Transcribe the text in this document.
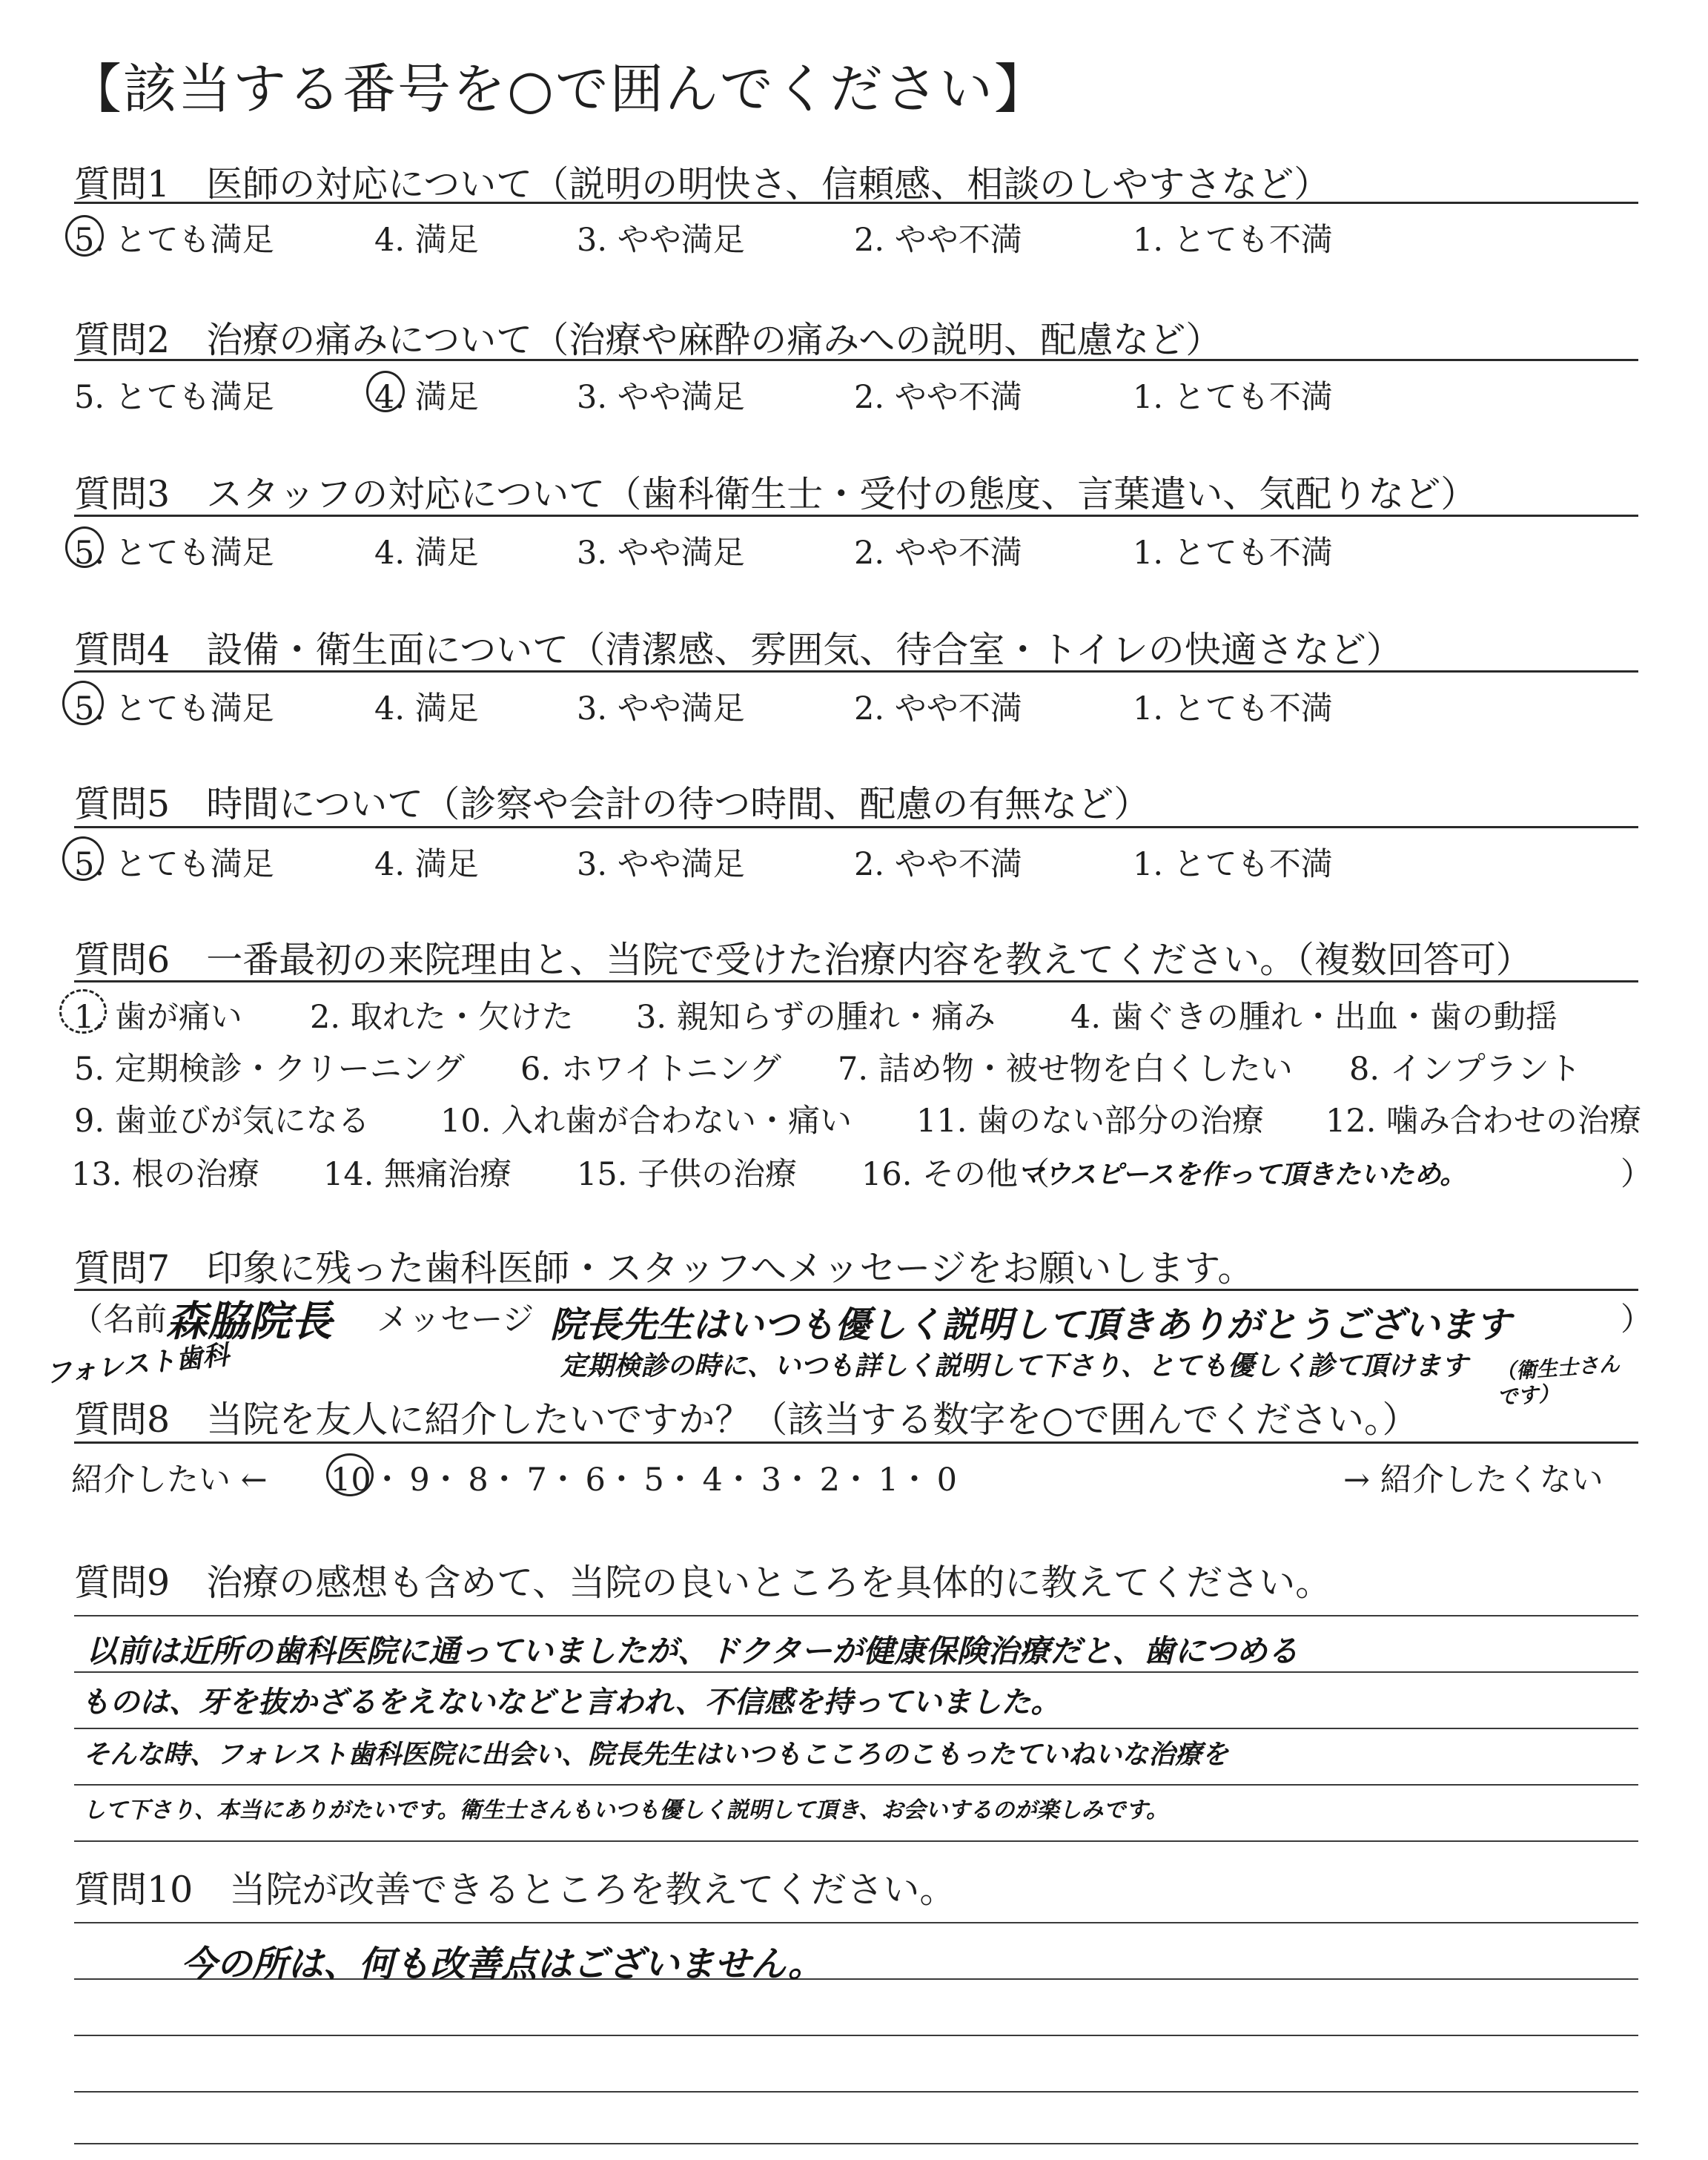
【該当する番号を○で囲んでください】
質問1　 医師の対応について（説明の明快さ、信頼感、相談のしやすさなど）
5. とても満足	4. 満足	3. やや満足	2. やや不満	1. とても不満
質問2　 治療の痛みについて（治療や麻酔の痛みへの説明、配慮など）
5. とても満足	4. 満足	3. やや満足	2. やや不満	1. とても不満
質問3　 スタッフの対応について（歯科衛生士・受付の態度、言葉遣い、気配りなど）
5. とても満足	4. 満足	3. やや満足	2. やや不満	1. とても不満
質問4　 設備・衛生面について（清潔感、雰囲気、待合室・トイレの快適さなど）
5. とても満足	4. 満足	3. やや満足	2. やや不満	1. とても不満
質問5　 時間について（診察や会計の待つ時間、配慮の有無など）
5. とても満足	4. 満足	3. やや満足	2. やや不満	1. とても不満
質問6　 一番最初の来院理由と、当院で受けた治療内容を教えてください。（複数回答可）
1. 歯が痛い 2. 取れた・欠けた 3. 親知らずの腫れ・痛み 4. 歯ぐきの腫れ・出血・歯の動揺
5. 定期検診・クリーニング 6. ホワイトニング 7. 詰め物・被せ物を白くしたい 8. インプラント
9. 歯並びが気になる 10. 入れ歯が合わない・痛い 11. 歯のない部分の治療 12. 噛み合わせの治療
13. 根の治療 14. 無痛治療 15. 子供の治療 16. その他（
マウスピースを作って頂きたいため。	）
質問7　 印象に残った歯科医師・スタッフへメッセージをお願いします。
（名前 森脇院長
フォレスト歯科
メッセージ	）
院長先生はいつも優しく説明して頂きありがとうございます
定期検診の時に、いつも詳しく説明して下さり、とても優しく診て頂けます （衛生士さんです）
質問8　 当院を友人に紹介したいですか？（該当する数字を○で囲んでください。）
紹介したい ← 10・ 9・ 8・ 7・ 6・ 5・ 4・ 3・ 2・ 1・ 0	→ 紹介したくない
質問9　 治療の感想も含めて、当院の良いところを具体的に教えてください。
以前は近所の歯科医院に通っていましたが、ドクターが健康保険治療だと、歯につめる
ものは、牙を抜かざるをえないなどと言われ、不信感を持っていました。
そんな時、フォレスト歯科医院に出会い、院長先生はいつもこころのこもったていねいな治療を
して下さり、本当にありがたいです。衛生士さんもいつも優しく説明して頂き、お会いするのが楽しみです。
質問10　 当院が改善できるところを教えてください。
今の所は、何も改善点はございません。
